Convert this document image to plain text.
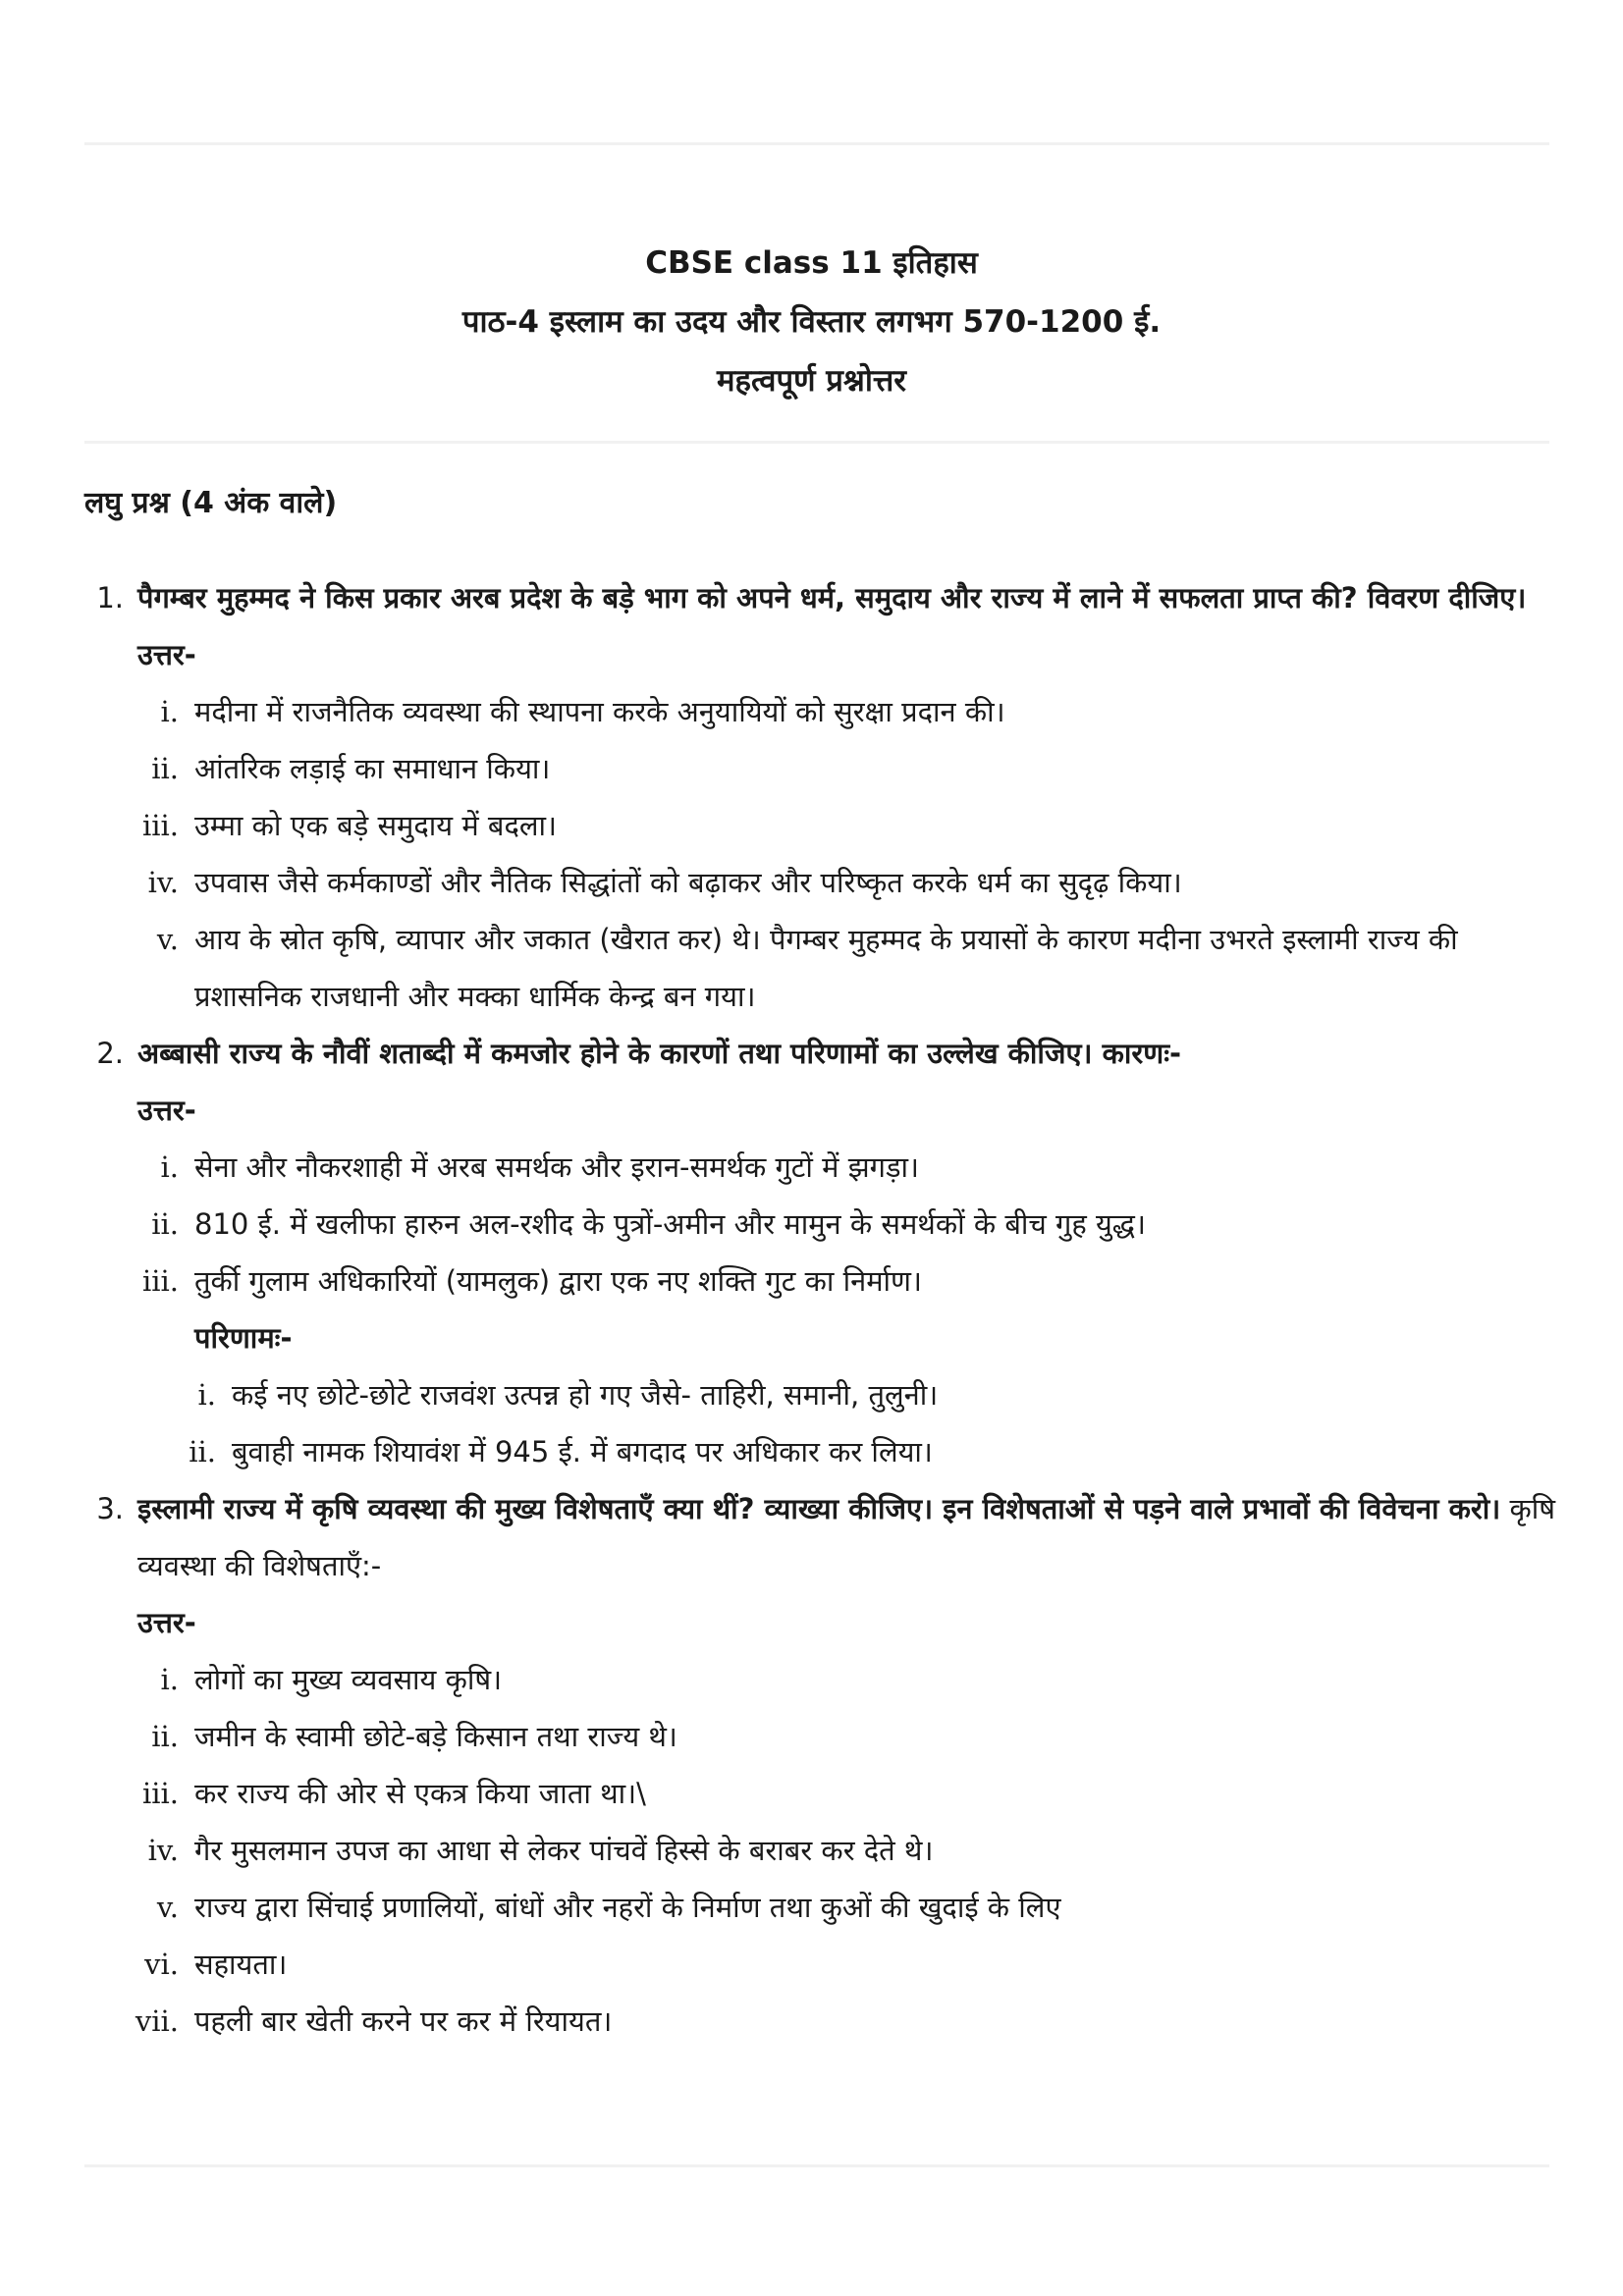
CBSE class 11 इतिहास
पाठ-4 इस्लाम का उदय और विस्तार लगभग 570-1200 ई.
महत्वपूर्ण प्रश्नोत्तर
लघु प्रश्न (4 अंक वाले)
1. पैगम्बर मुहम्मद ने किस प्रकार अरब प्रदेश के बड़े भाग को अपने धर्म, समुदाय और राज्य में लाने में सफलता प्राप्त की? विवरण दीजिए।
उत्तर-
i. मदीना में राजनैतिक व्यवस्था की स्थापना करके अनुयायियों को सुरक्षा प्रदान की।
ii. आंतरिक लड़ाई का समाधान किया।
iii. उम्मा को एक बड़े समुदाय में बदला।
iv. उपवास जैसे कर्मकाण्डों और नैतिक सिद्धांतों को बढ़ाकर और परिष्कृत करके धर्म का सुदृढ़ किया।
v. आय के स्रोत कृषि, व्यापार और जकात (खैरात कर) थे। पैगम्बर मुहम्मद के प्रयासों के कारण मदीना उभरते इस्लामी राज्य की प्रशासनिक राजधानी और मक्का धार्मिक केन्द्र बन गया।
2. अब्बासी राज्य के नौवीं शताब्दी में कमजोर होने के कारणों तथा परिणामों का उल्लेख कीजिए। कारणः-
उत्तर-
i. सेना और नौकरशाही में अरब समर्थक और इरान-समर्थक गुटों में झगड़ा।
ii. 810 ई. में खलीफा हारुन अल-रशीद के पुत्रों-अमीन और मामुन के समर्थकों के बीच गुह युद्ध।
iii. तुर्की गुलाम अधिकारियों (यामलुक) द्वारा एक नए शक्ति गुट का निर्माण।
परिणामः-
i. कई नए छोटे-छोटे राजवंश उत्पन्न हो गए जैसे- ताहिरी, समानी, तुलुनी।
ii. बुवाही नामक शियावंश में 945 ई. में बगदाद पर अधिकार कर लिया।
3. इस्लामी राज्य में कृषि व्यवस्था की मुख्य विशेषताएँ क्या थीं? व्याख्या कीजिए। इन विशेषताओं से पड़ने वाले प्रभावों की विवेचना करो। कृषि व्यवस्था की विशेषताएँ:-
उत्तर-
i. लोगों का मुख्य व्यवसाय कृषि।
ii. जमीन के स्वामी छोटे-बड़े किसान तथा राज्य थे।
iii. कर राज्य की ओर से एकत्र किया जाता था।\
iv. गैर मुसलमान उपज का आधा से लेकर पांचवें हिस्से के बराबर कर देते थे।
v. राज्य द्वारा सिंचाई प्रणालियों, बांधों और नहरों के निर्माण तथा कुओं की खुदाई के लिए
vi. सहायता।
vii. पहली बार खेती करने पर कर में रियायत।
